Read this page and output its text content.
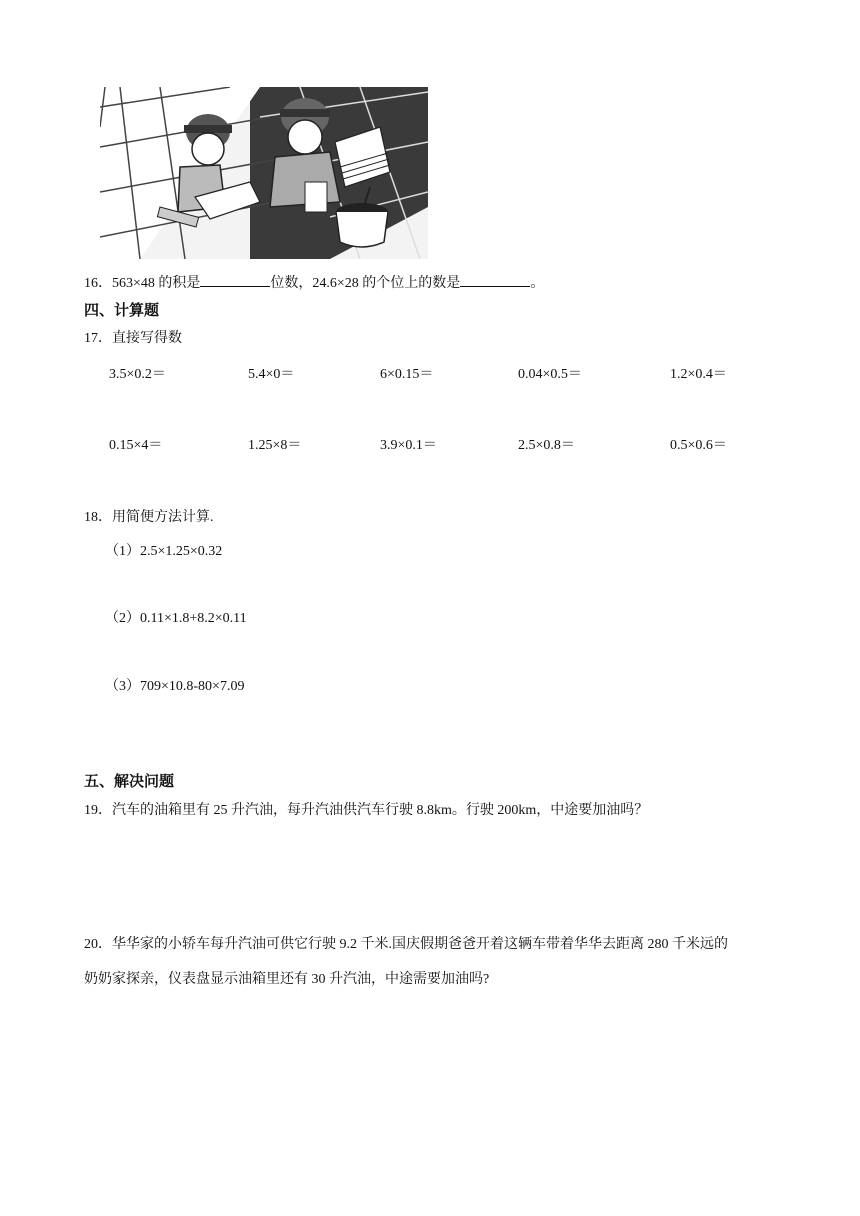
16．563×48 的积是	位数，24.6×28 的个位上的数是	。
四、计算题
17．直接写得数
3.5×0.2＝	5.4×0＝	6×0.15＝	0.04×0.5＝	1.2×0.4＝
0.15×4＝	1.25×8＝	3.9×0.1＝	2.5×0.8＝	0.5×0.6＝
18．用简便方法计算.
（1）2.5×1.25×0.32
（2）0.11×1.8+8.2×0.11
（3）709×10.8-80×7.09
五、解决问题
19．汽车的油箱里有 25 升汽油，每升汽油供汽车行驶 8.8km。行驶 200km，中途要加油吗？
20．华华家的小轿车每升汽油可供它行驶 9.2 千米.国庆假期爸爸开着这辆车带着华华去距离 280 千米远的
奶奶家探亲，仪表盘显示油箱里还有 30 升汽油，中途需要加油吗?
